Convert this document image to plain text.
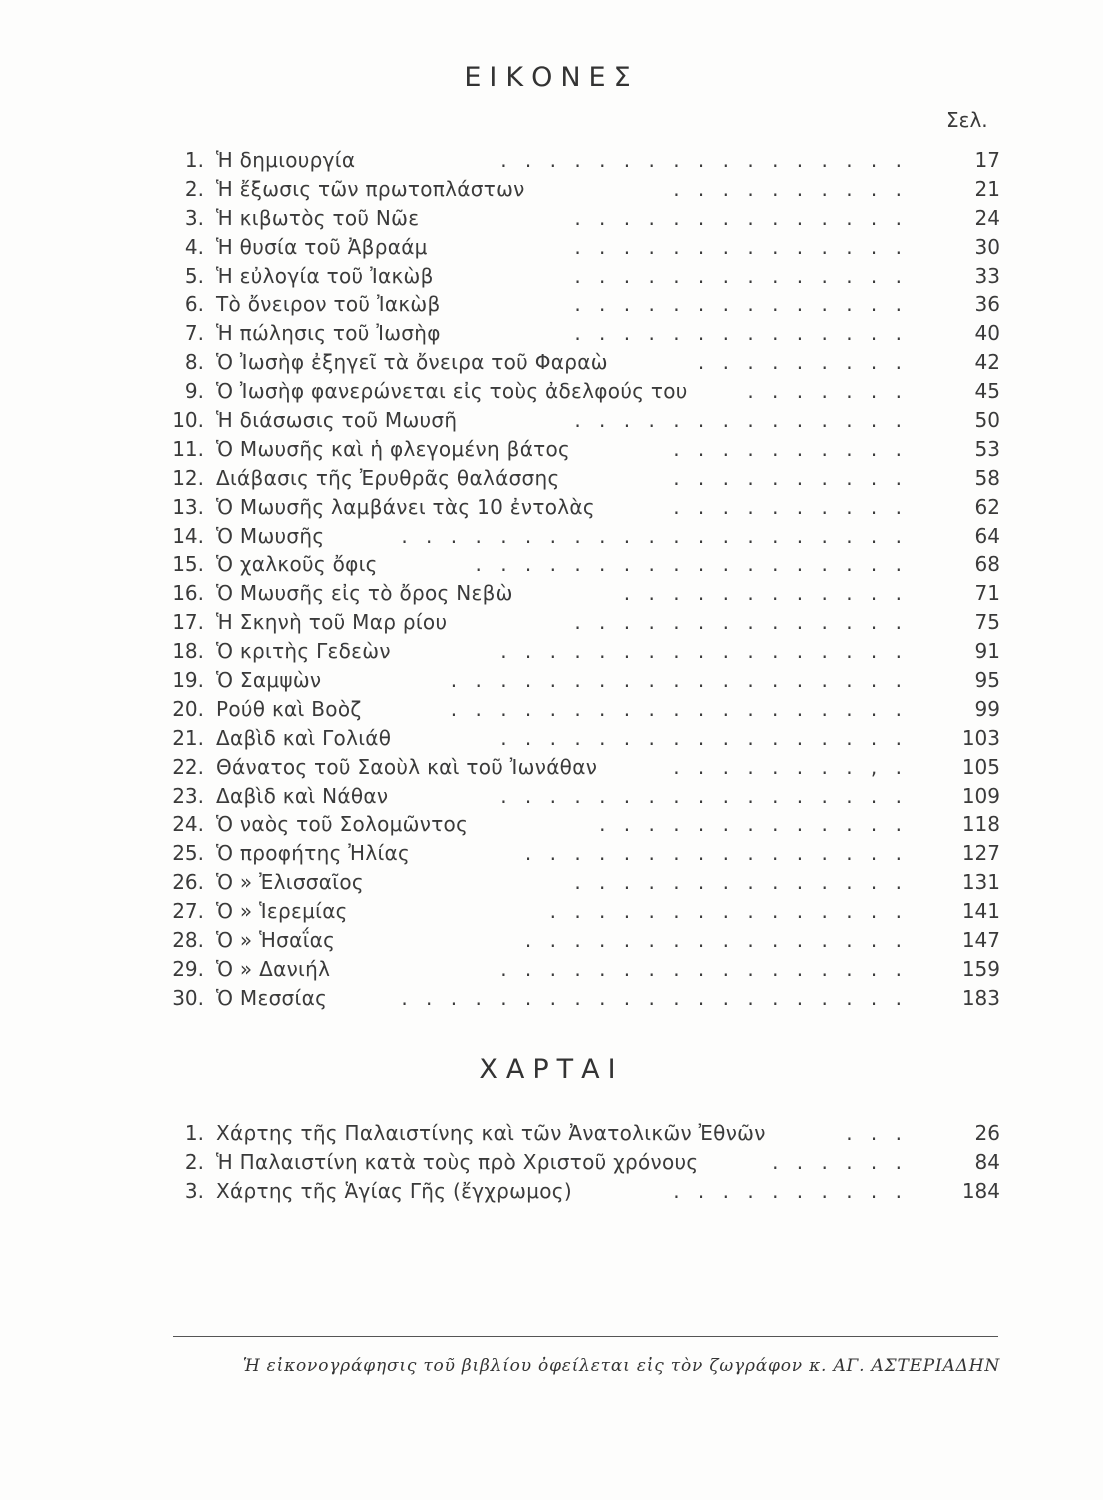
ΕΙΚΟΝΕΣ
Σελ.
1. Ἡ δημιουργία	. . . . . . . . . . . . . . . . .	17
2. Ἡ ἔξωσις τῶν πρωτοπλάστων	. . . . . . . . . .	21
3. Ἡ κιβωτὸς τοῦ Νῶε	. . . . . . . . . . . . . .	24
4. Ἡ θυσία τοῦ Ἀβραάμ	. . . . . . . . . . . . . .	30
5. Ἡ εὐλογία τοῦ Ἰακὼβ	. . . . . . . . . . . . . .	33
6. Τὸ ὄνειρον τοῦ Ἰακὼβ	. . . . . . . . . . . . . .	36
7. Ἡ πώλησις τοῦ Ἰωσὴφ	. . . . . . . . . . . . . .	40
8. Ὁ Ἰωσὴφ ἐξηγεῖ τὰ ὄνειρα τοῦ Φαραὼ	. . . . . . . . .	42
9. Ὁ Ἰωσὴφ φανερώνεται εἰς τοὺς ἀδελφούς του	. . . . . . .	45
10. Ἡ διάσωσις τοῦ Μωυσῆ	. . . . . . . . . . . . . .	50
11. Ὁ Μωυσῆς καὶ ἡ φλεγομένη βάτος	. . . . . . . . . .	53
12. Διάβασις τῆς Ἐρυθρᾶς θαλάσσης	. . . . . . . . . .	58
13. Ὁ Μωυσῆς λαμβάνει τὰς 10 ἐντολὰς	. . . . . . . . . .	62
14. Ὁ Μωυσῆς	. . . . . . . . . . . . . . . . . . . . .	64
15. Ὁ χαλκοῦς ὄφις	. . . . . . . . . . . . . . . . . .	68
16. Ὁ Μωυσῆς εἰς τὸ ὄρος Νεβὼ	. . . . . . . . . . . .	71
17. Ἡ Σκηνὴ τοῦ Μαρ ρίου	. . . . . . . . . . . . . .	75
18. Ὁ κριτὴς Γεδεὼν	. . . . . . . . . . . . . . . . .	91
19. Ὁ Σαμψὼν	. . . . . . . . . . . . . . . . . . .	95
20. Ρούθ καὶ Βοὸζ	. . . . . . . . . . . . . . . . . . .	99
21. Δαβὶδ καὶ Γολιάθ	. . . . . . . . . . . . . . . . .	103
22. Θάνατος τοῦ Σαοὺλ καὶ τοῦ Ἰωνάθαν	. . . . . . . . , .	105
23. Δαβὶδ καὶ Νάθαν	. . . . . . . . . . . . . . . . .	109
24. Ὁ ναὸς τοῦ Σολομῶντος	. . . . . . . . . . . . .	118
25. Ὁ προφήτης Ἠλίας	. . . . . . . . . . . . . . . .	127
26. Ὁ » Ἐλισσαῖος	. . . . . . . . . . . . . .	131
27. Ὁ » Ἱερεμίας	. . . . . . . . . . . . . . .	141
28. Ὁ » Ἡσαΐας	. . . . . . . . . . . . . . . .	147
29. Ὁ » Δανιήλ	. . . . . . . . . . . . . . . . .	159
30. Ὁ Μεσσίας	. . . . . . . . . . . . . . . . . . . . .	183
ΧΑΡΤΑΙ
1. Χάρτης τῆς Παλαιστίνης καὶ τῶν Ἀνατολικῶν Ἐθνῶν	. . .	26
2. Ἡ Παλαιστίνη κατὰ τοὺς πρὸ Χριστοῦ χρόνους	. . . . . .	84
3. Χάρτης τῆς Ἁγίας Γῆς (ἔγχρωμος)	. . . . . . . . . .	184
Ἡ εἰκονογράφησις τοῦ βιβλίου ὀφείλεται εἰς τὸν ζωγράφον κ. ΑΓ. ΑΣΤΕΡΙΑΔΗΝ
